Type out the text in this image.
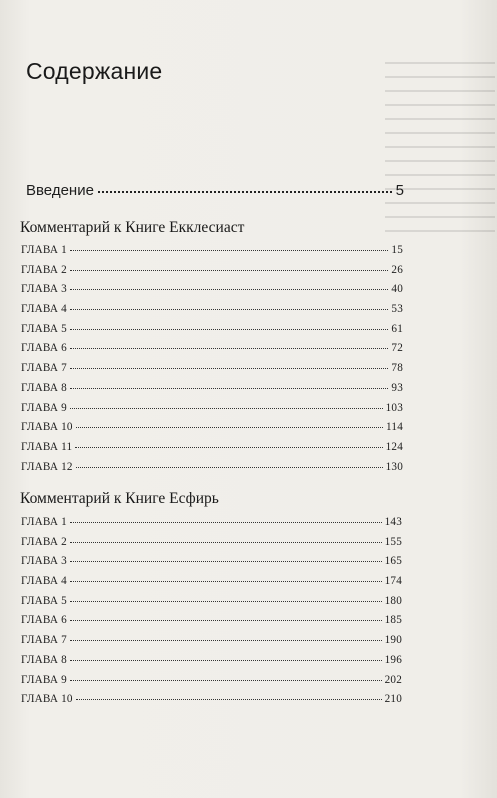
Содержание
Введение	5
Комментарий к Книге Екклесиаст
ГЛАВА 1	15
ГЛАВА 2	26
ГЛАВА 3	40
ГЛАВА 4	53
ГЛАВА 5	61
ГЛАВА 6	72
ГЛАВА 7	78
ГЛАВА 8	93
ГЛАВА 9	103
ГЛАВА 10	114
ГЛАВА 11	124
ГЛАВА 12	130
Комментарий к Книге Есфирь
ГЛАВА 1	143
ГЛАВА 2	155
ГЛАВА 3	165
ГЛАВА 4	174
ГЛАВА 5	180
ГЛАВА 6	185
ГЛАВА 7	190
ГЛАВА 8	196
ГЛАВА 9	202
ГЛАВА 10	210
